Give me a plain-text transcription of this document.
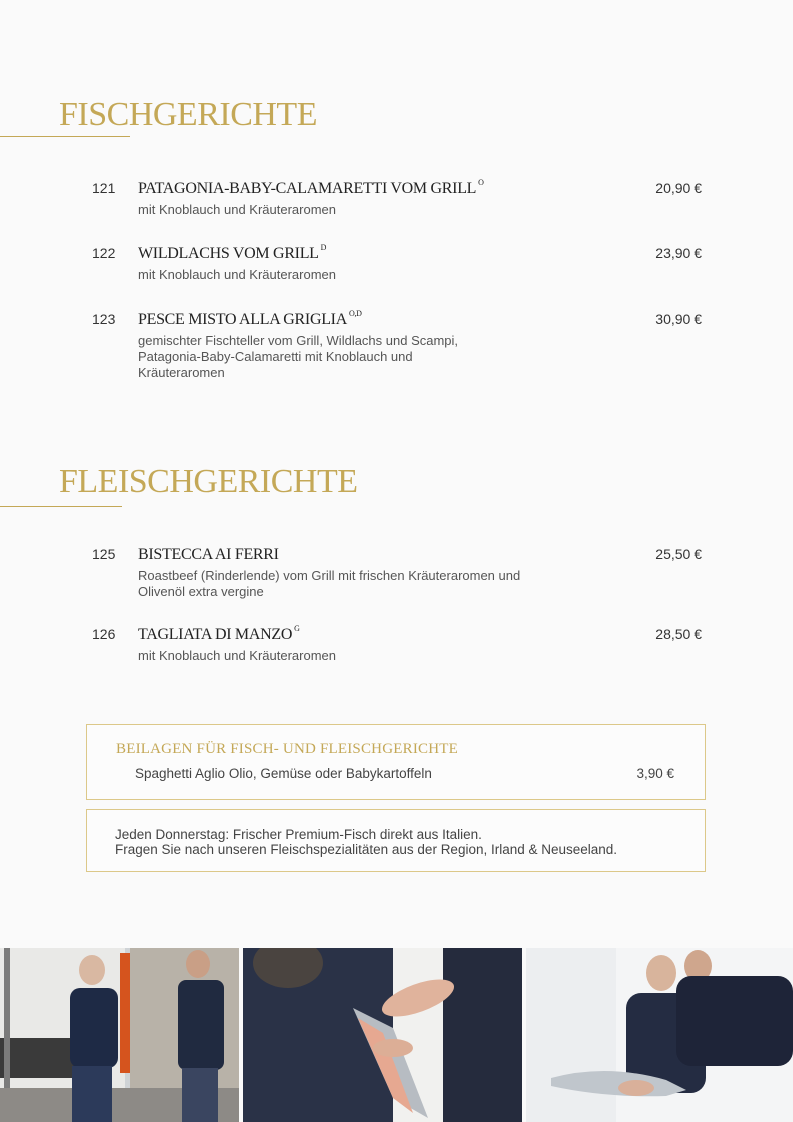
FISCHGERICHTE
121 PATAGONIA-BABY-CALAMARETTI VOM GRILL $^O$	20,90 €
mit Knoblauch und Kräuteraromen
122 WILDLACHS VOM GRILL $^D$	23,90 €
mit Knoblauch und Kräuteraromen
123 PESCE MISTO ALLA GRIGLIA $^{O,D}$	30,90 €
gemischter Fischteller vom Grill, Wildlachs und Scampi,
Patagonia-Baby-Calamaretti mit Knoblauch und
Kräuteraromen
FLEISCHGERICHTE
125 BISTECCA AI FERRI	25,50 €
Roastbeef (Rinderlende) vom Grill mit frischen Kräuteraromen und
Olivenöl extra vergine
126 TAGLIATA DI MANZO $^G$	28,50 €
mit Knoblauch und Kräuteraromen
BEILAGEN FÜR FISCH- UND FLEISCHGERICHTE
Spaghetti Aglio Olio, Gemüse oder Babykartoffeln	3,90 €
Jeden Donnerstag: Frischer Premium-Fisch direkt aus Italien.
Fragen Sie nach unseren Fleischspezialitäten aus der Region, Irland & Neuseeland.
